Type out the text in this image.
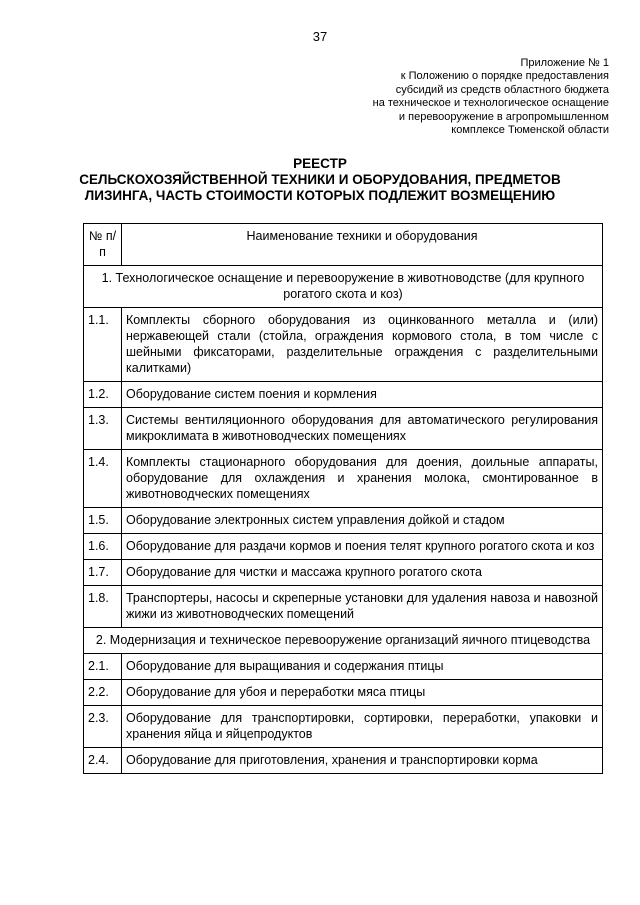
37
Приложение № 1
к Положению о порядке предоставления
субсидий из средств областного бюджета
на техническое и технологическое оснащение
и перевооружение в агропромышленном
комплексе Тюменской области
РЕЕСТР
СЕЛЬСКОХОЗЯЙСТВЕННОЙ ТЕХНИКИ И ОБОРУДОВАНИЯ, ПРЕДМЕТОВ
ЛИЗИНГА, ЧАСТЬ СТОИМОСТИ КОТОРЫХ ПОДЛЕЖИТ ВОЗМЕЩЕНИЮ
№ п/п	Наименование техники и оборудования
1. Технологическое оснащение и перевооружение в животноводстве (для крупного рогатого скота и коз)	
1.1.	Комплекты сборного оборудования из оцинкованного металла и (или) нержавеющей стали (стойла, ограждения кормового стола, в том числе с шейными фиксаторами, разделительные ограждения с разделительными калитками)
1.2.	Оборудование систем поения и кормления
1.3.	Системы вентиляционного оборудования для автоматического регулирования микроклимата в животноводческих помещениях
1.4.	Комплекты стационарного оборудования для доения, доильные аппараты, оборудование для охлаждения и хранения молока, смонтированное в животноводческих помещениях
1.5.	Оборудование электронных систем управления дойкой и стадом
1.6.	Оборудование для раздачи кормов и поения телят крупного рогатого скота и коз
1.7.	Оборудование для чистки и массажа крупного рогатого скота
1.8.	Транспортеры, насосы и скреперные установки для удаления навоза и навозной жижи из животноводческих помещений
2. Модернизация и техническое перевооружение организаций яичного птицеводства	
2.1.	Оборудование для выращивания и содержания птицы
2.2.	Оборудование для убоя и переработки мяса птицы
2.3.	Оборудование для транспортировки, сортировки, переработки, упаковки и хранения яйца и яйцепродуктов
2.4.	Оборудование для приготовления, хранения и транспортировки корма
